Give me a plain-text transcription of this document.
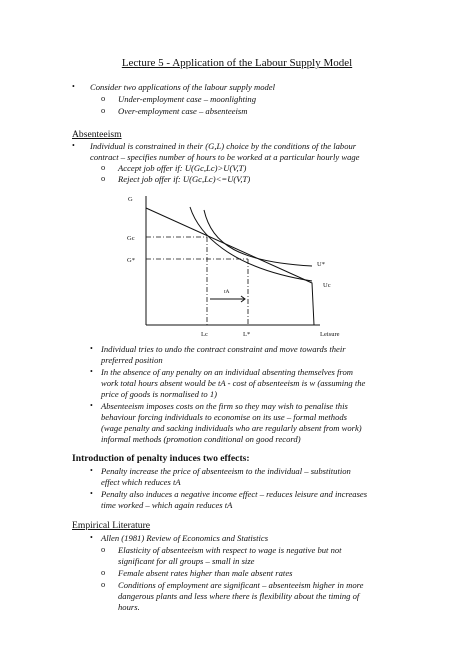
Lecture 5 - Application of the Labour Supply Model
• Consider two applications of the labour supply model
o Under-employment case – moonlighting
o Over-employment case – absenteeism
Absenteeism
• Individual is constrained in their (G,L) choice by the conditions of the labour
contract – specifies number of hours to be worked at a particular hourly wage
o Accept job offer if: U(Gc,Lc)>U(V,T)
o Reject job offer if: U(Gc,Lc)<=U(V,T)
G
Gc
G*
Lc	L*	Leisure
U*
Uc
tA
• Individual tries to undo the contract constraint and move towards their
preferred position
• In the absence of any penalty on an individual absenting themselves from
work total hours absent would be tA - cost of absenteeism is w (assuming the
price of goods is normalised to 1)
• Absenteeism imposes costs on the firm so they may wish to penalise this
behaviour forcing individuals to economise on its use – formal methods
(wage penalty and sacking individuals who are regularly absent from work)
informal methods (promotion conditional on good record)
Introduction of penalty induces two effects:
• Penalty increase the price of absenteeism to the individual – substitution
effect which reduces tA
• Penalty also induces a negative income effect – reduces leisure and increases
time worked – which again reduces tA
Empirical Literature
• Allen (1981) Review of Economics and Statistics
o Elasticity of absenteeism with respect to wage is negative but not
significant for all groups – small in size
o Female absent rates higher than male absent rates
o Conditions of employment are significant – absenteeism higher in more
dangerous plants and less where there is flexibility about the timing of
hours.
